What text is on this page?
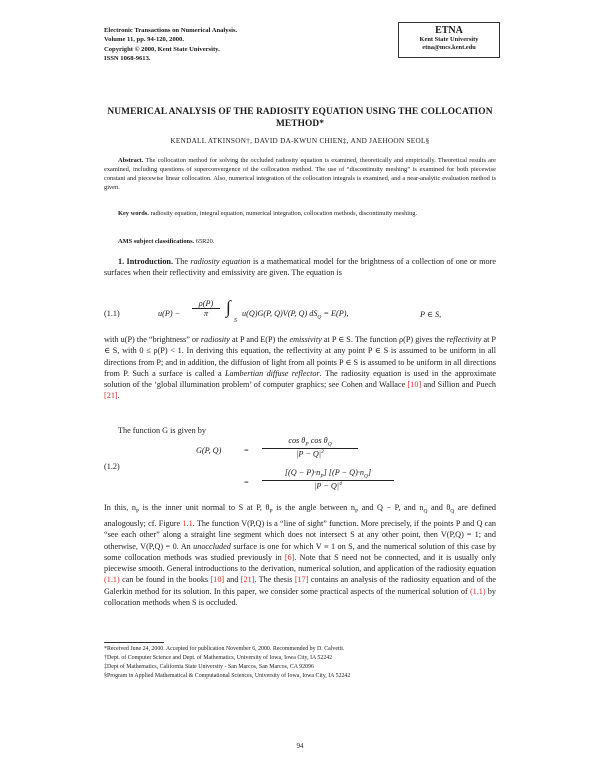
Electronic Transactions on Numerical Analysis.
Volume 11, pp. 94-120, 2000.
Copyright © 2000, Kent State University.
ISSN 1068-9613.
ETNA
Kent State University
etna@mcs.kent.edu
NUMERICAL ANALYSIS OF THE RADIOSITY EQUATION USING THE COLLOCATION METHOD*
KENDALL ATKINSON†, DAVID DA-KWUN CHIEN‡, AND JAEHOON SEOL§
Abstract. The collocation method for solving the occluded radiosity equation is examined, theoretically and empirically. Theoretical results are examined, including questions of superconvergence of the collocation method. The use of “discontinuity meshing” is examined for both piecewise constant and piecewise linear collocation. Also, numerical integration of the collocation integrals is examined, and a near-analytic evaluation method is given.
Key words. radiosity equation, integral equation, numerical integration, collocation methods, discontinuity meshing.
AMS subject classifications. 65R20.
1. Introduction. The radiosity equation is a mathematical model for the brightness of a collection of one or more surfaces when their reflectivity and emissivity are given. The equation is
(1.1)	u(P) −
ρ(P)
π ∫
S
u(Q)G(P, Q)V(P, Q) $dS_Q = E(P)$,	P ∈ S,
with u(P) the “brightness” or radiosity at P and E(P) the emissivity at P ∈ S. The function ρ(P) gives the reflectivity at P ∈ S, with 0 ≤ ρ(P) < 1. In deriving this equation, the reflectivity at any point P ∈ S is assumed to be uniform in all directions from P; and in addition, the diffusion of light from all points P ∈ S is assumed to be uniform in all directions from P. Such a surface is called a Lambertian diffuse reflector. The radiosity equation is used in the approximate solution of the ‘global illumination problem’ of computer graphics; see Cohen and Wallace [10] and Sillion and Puech [21].
The function G is given by
(1.2)
G(P, Q)	=
$\cos \theta_P$ $\cos \theta_Q$
$|P - Q|^2$
=
$[(Q - P)\cdot n_P]$ $[(P - Q)\cdot n_Q]$
$|P - Q|^4$
In this, $n_P$ is the inner unit normal to S at P, $\theta_P$ is the angle between $n_P$ and Q − P, and $n_Q$ and $\theta_Q$ are defined analogously; cf. Figure 1.1. The function V(P,Q) is a “line of sight” function. More precisely, if the points P and Q can “see each other” along a straight line segment which does not intersect S at any other point, then V(P,Q) = 1; and otherwise, V(P,Q) = 0. An unoccluded surface is one for which V ≡ 1 on S, and the numerical solution of this case by some collocation methods was studied previously in [6]. Note that S need not be connected, and it is usually only piecewise smooth. General introductions to the derivation, numerical solution, and application of the radiosity equation (1.1) can be found in the books [10] and [21]. The thesis [17] contains an analysis of the radiosity equation and of the Galerkin method for its solution. In this paper, we consider some practical aspects of the numerical solution of (1.1) by collocation methods when S is occluded.
*Received June 24, 2000. Accepted for publication November 6, 2000. Recommended by D. Calvetti.
†Dept. of Computer Science and Dept. of Mathematics, University of Iowa, Iowa City, IA 52242
‡Dept of Mathematics, California State University - San Marcos, San Marcos, CA 92096
§Program in Applied Mathematical & Computational Sciences, University of Iowa, Iowa City, IA 52242
94
